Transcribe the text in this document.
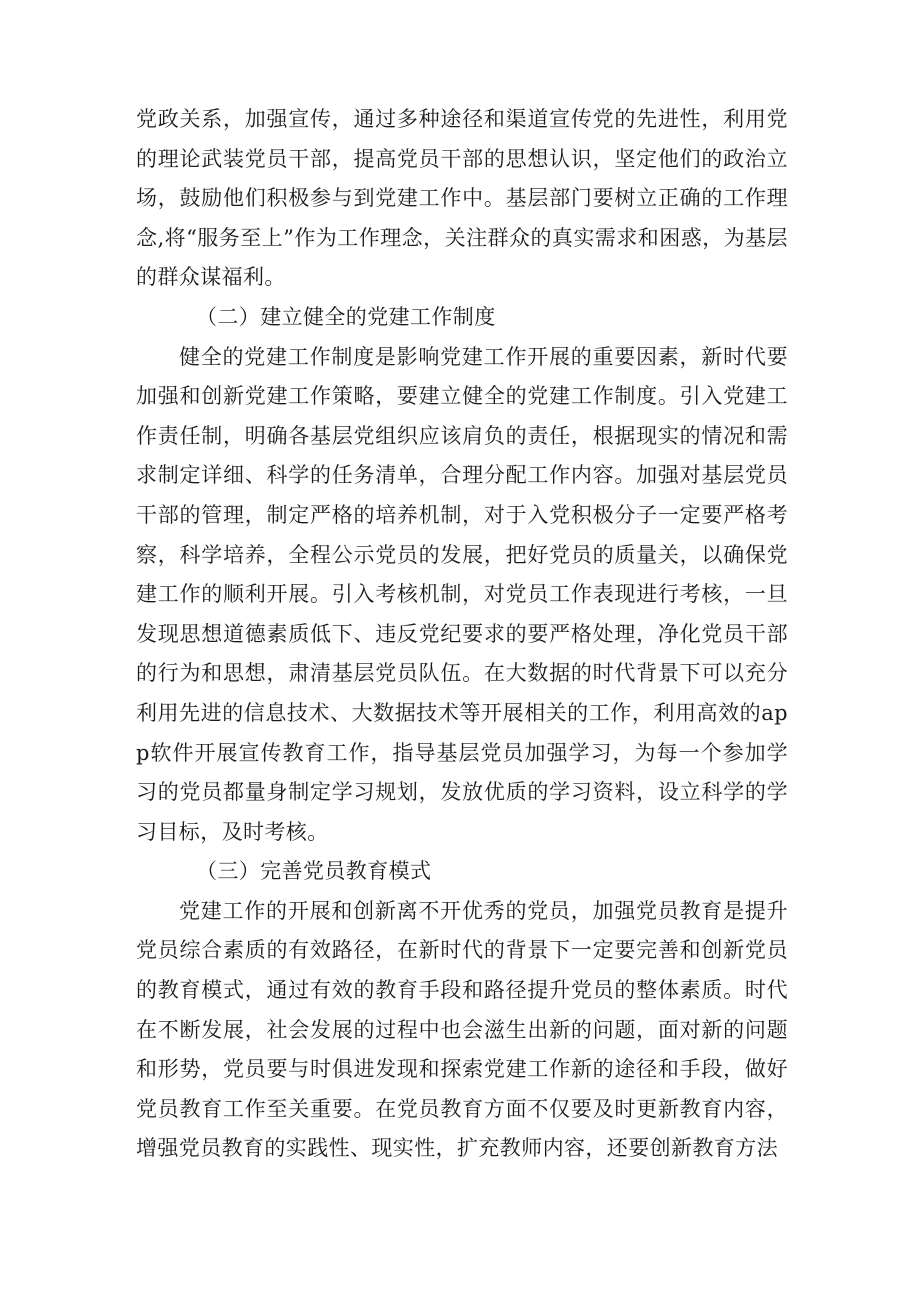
党政关系，加强宣传，通过多种途径和渠道宣传党的先进性，利用党的理论武装党员干部，提高党员干部的思想认识，坚定他们的政治立场，鼓励他们积极参与到党建工作中。基层部门要树立正确的工作理念,将“服务至上”作为工作理念，关注群众的真实需求和困惑，为基层的群众谋福利。

（二）建立健全的党建工作制度

健全的党建工作制度是影响党建工作开展的重要因素，新时代要加强和创新党建工作策略，要建立健全的党建工作制度。引入党建工作责任制，明确各基层党组织应该肩负的责任，根据现实的情况和需求制定详细、科学的任务清单，合理分配工作内容。加强对基层党员干部的管理，制定严格的培养机制，对于入党积极分子一定要严格考察，科学培养，全程公示党员的发展，把好党员的质量关，以确保党建工作的顺利开展。引入考核机制，对党员工作表现进行考核，一旦发现思想道德素质低下、违反党纪要求的要严格处理，净化党员干部的行为和思想，肃清基层党员队伍。在大数据的时代背景下可以充分利用先进的信息技术、大数据技术等开展相关的工作，利用高效的app软件开展宣传教育工作，指导基层党员加强学习，为每一个参加学习的党员都量身制定学习规划，发放优质的学习资料，设立科学的学习目标，及时考核。

（三）完善党员教育模式

党建工作的开展和创新离不开优秀的党员，加强党员教育是提升党员综合素质的有效路径，在新时代的背景下一定要完善和创新党员的教育模式，通过有效的教育手段和路径提升党员的整体素质。时代在不断发展，社会发展的过程中也会滋生出新的问题，面对新的问题和形势，党员要与时俱进发现和探索党建工作新的途径和手段，做好党员教育工作至关重要。在党员教育方面不仅要及时更新教育内容，增强党员教育的实践性、现实性，扩充教师内容，还要创新教育方法
